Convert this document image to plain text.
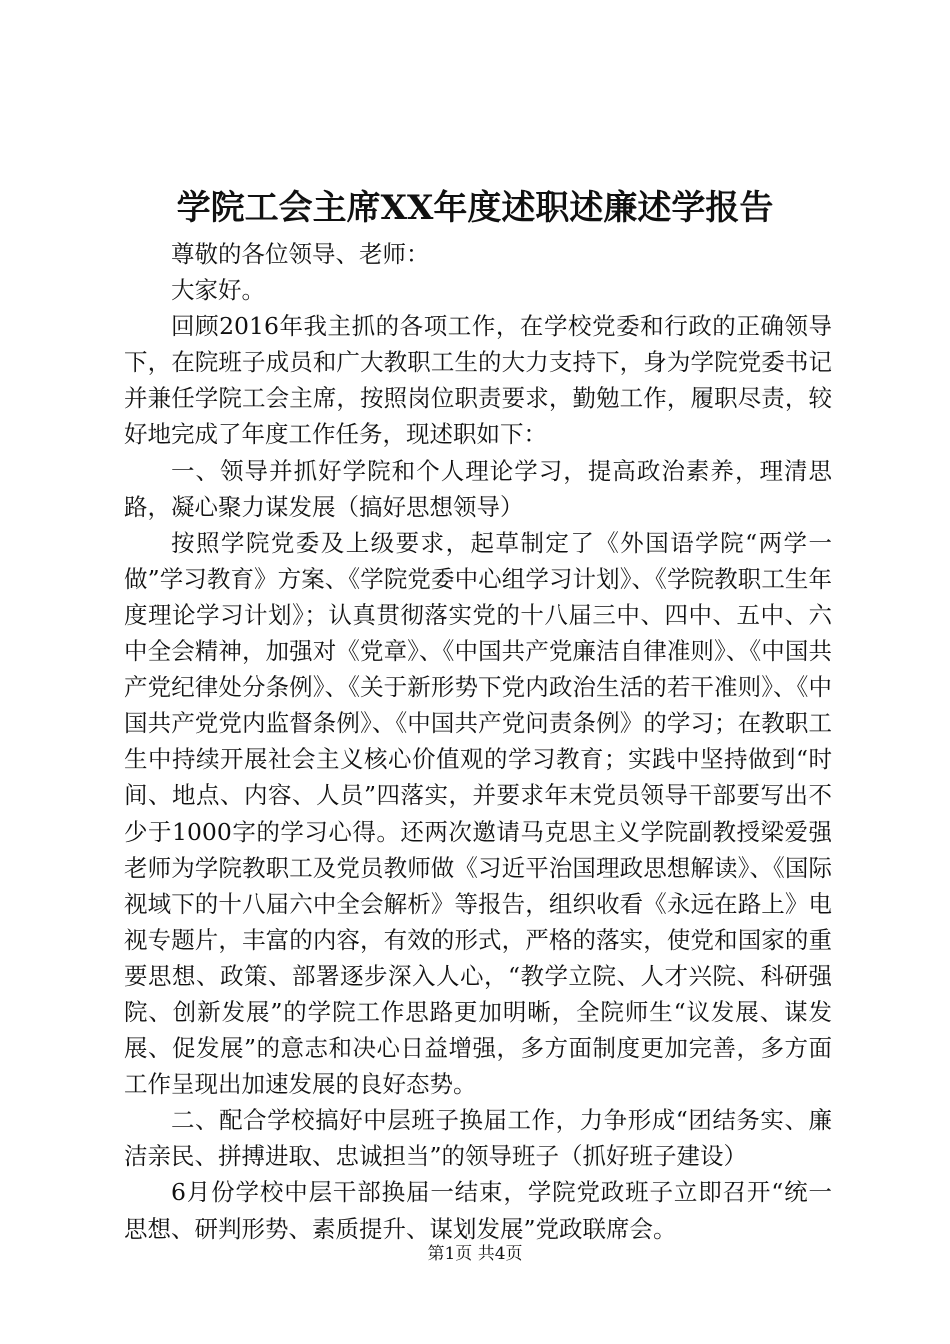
学院工会主席XX年度述职述廉述学报告

尊敬的各位领导、老师：

大家好。

回顾2016年我主抓的各项工作，在学校党委和行政的正确领导下，在院班子成员和广大教职工生的大力支持下，身为学院党委书记并兼任学院工会主席，按照岗位职责要求，勤勉工作，履职尽责，较好地完成了年度工作任务，现述职如下：

一、领导并抓好学院和个人理论学习，提高政治素养，理清思路，凝心聚力谋发展（搞好思想领导）

按照学院党委及上级要求，起草制定了《外国语学院“两学一做”学习教育》方案、《学院党委中心组学习计划》、《学院教职工生年度理论学习计划》；认真贯彻落实党的十八届三中、四中、五中、六中全会精神，加强对《党章》、《中国共产党廉洁自律准则》、《中国共产党纪律处分条例》、《关于新形势下党内政治生活的若干准则》、《中国共产党党内监督条例》、《中国共产党问责条例》的学习；在教职工生中持续开展社会主义核心价值观的学习教育；实践中坚持做到“时间、地点、内容、人员”四落实，并要求年末党员领导干部要写出不少于1000字的学习心得。还两次邀请马克思主义学院副教授梁爱强老师为学院教职工及党员教师做《习近平治国理政思想解读》、《国际视域下的十八届六中全会解析》等报告，组织收看《永远在路上》电视专题片，丰富的内容，有效的形式，严格的落实，使党和国家的重要思想、政策、部署逐步深入人心，“教学立院、人才兴院、科研强院、创新发展”的学院工作思路更加明晰，全院师生“议发展、谋发展、促发展”的意志和决心日益增强，多方面制度更加完善，多方面工作呈现出加速发展的良好态势。

二、配合学校搞好中层班子换届工作，力争形成“团结务实、廉洁亲民、拼搏进取、忠诚担当”的领导班子（抓好班子建设）

6月份学校中层干部换届一结束，学院党政班子立即召开“统一思想、研判形势、素质提升、谋划发展”党政联席会。

第1页 共4页
